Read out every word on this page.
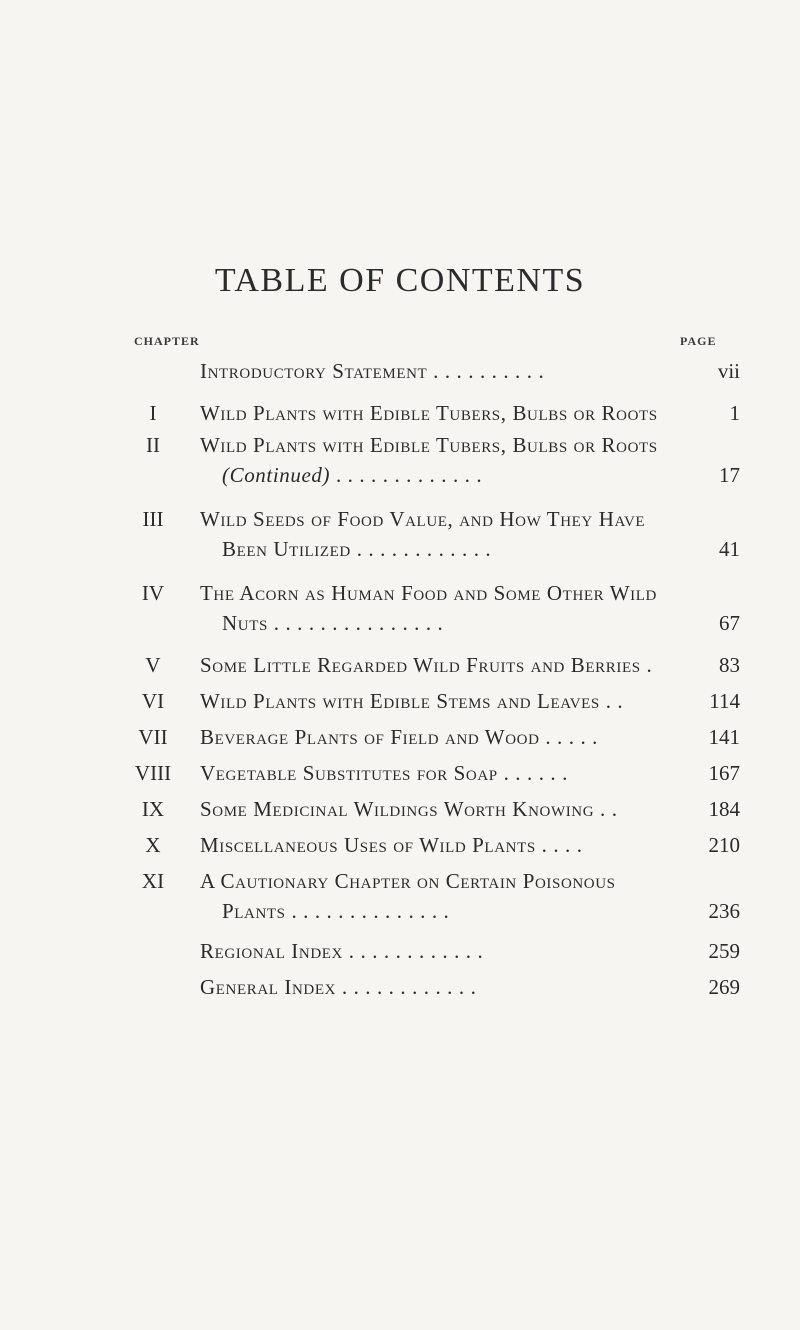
TABLE OF CONTENTS
CHAPTER	PAGE
Introductory Statement . . . . . . . . . .	vii
I	Wild Plants with Edible Tubers, Bulbs or Roots	1
II	Wild Plants with Edible Tubers, Bulbs or Roots
(Continued) . . . . . . . . . . . . .	17
III	Wild Seeds of Food Value, and How They Have
Been Utilized . . . . . . . . . . . .	41
IV	The Acorn as Human Food and Some Other Wild
Nuts . . . . . . . . . . . . . . .	67
V	Some Little Regarded Wild Fruits and Berries .	83
VI	Wild Plants with Edible Stems and Leaves . .	114
VII	Beverage Plants of Field and Wood . . . . .	141
VIII	Vegetable Substitutes for Soap . . . . . .	167
IX	Some Medicinal Wildings Worth Knowing . .	184
X	Miscellaneous Uses of Wild Plants . . . .	210
XI	A Cautionary Chapter on Certain Poisonous
Plants . . . . . . . . . . . . . .	236
Regional Index . . . . . . . . . . . .	259
General Index . . . . . . . . . . . .	269
